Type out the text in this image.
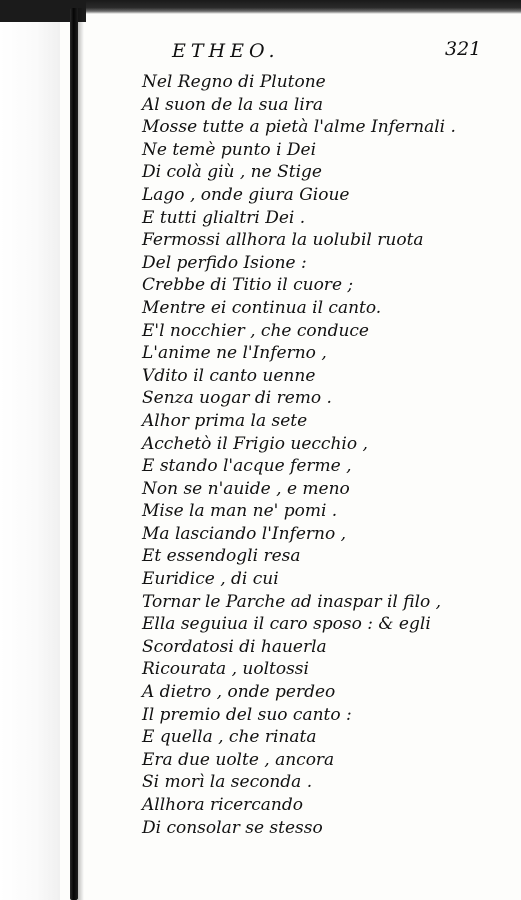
ETHEO.	321
Nel Regno di Plutone
Al suon de la sua lira
Mosse tutte a pietà l'alme Infernali .
Ne temè punto i Dei
Di colà giù , ne Stige
Lago , onde giura Gioue
E tutti glialtri Dei .
Fermossi allhora la uolubil ruota
Del perfido Isione :
Crebbe di Titio il cuore ;
Mentre ei continua il canto.
E'l nocchier , che conduce
L'anime ne l'Inferno ,
Vdito il canto uenne
Senza uogar di remo .
Alhor prima la sete
Acchetò il Frigio uecchio ,
E stando l'acque ferme ,
Non se n'auide , e meno
Mise la man ne' pomi .
Ma lasciando l'Inferno ,
Et essendogli resa
Euridice , di cui
Tornar le Parche ad inaspar il filo ,
Ella seguiua il caro sposo : & egli
Scordatosi di hauerla
Ricourata , uoltossi
A dietro , onde perdeo
Il premio del suo canto :
E quella , che rinata
Era due uolte , ancora
Si morì la seconda .
Allhora ricercando
Di consolar se stesso
